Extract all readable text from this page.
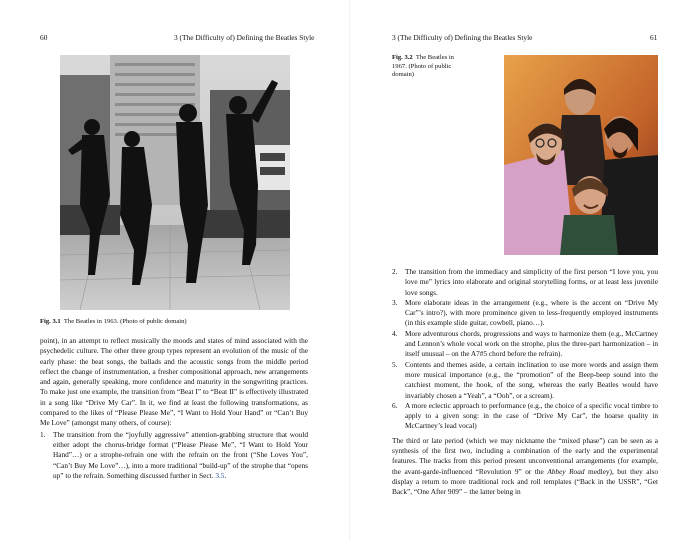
60	3 (The Difficulty of) Defining the Beatles Style
Fig. 3.1 The Beatles in 1963. (Photo of public domain)

point), in an attempt to reflect musically the moods and states of mind associated with the psychedelic culture. The other three group types represent an evolution of the music of the early phase: the beat songs, the ballads and the acoustic songs from the middle period reflect the change of instrumentation, a fresher compositional approach, new arrangements and again, generally speaking, more confidence and maturity in the songwriting practices. To make just one example, the transition from “Beat I” to “Beat II” is effectively illustrated in a song like “Drive My Car”. In it, we find at least the following transformations, as compared to the likes of “Please Please Me”, “I Want to Hold Your Hand” or “Can’t Buy Me Love” (amongst many others, of course):

1. The transition from the “joyfully aggressive” attention-grabbing structure that would either adopt the chorus-bridge format (“Please Please Me”, “I Want to Hold Your Hand”…) or a strophe-refrain one with the refrain on the front (“She Loves You”, “Can’t Buy Me Love”…), into a more traditional “build-up” of the strophe that “opens up” to the refrain. Something discussed further in Sect. 3.5.
3 (The Difficulty of) Defining the Beatles Style	61
Fig. 3.2 The Beatles in 1967. (Photo of public domain)
2. The transition from the immediacy and simplicity of the first person “I love you, you love me” lyrics into elaborate and original storytelling forms, or at least less juvenile love songs.
3. More elaborate ideas in the arrangement (e.g., where is the accent on “Drive My Car”’s intro?), with more prominence given to less-frequently employed instruments (in this example slide guitar, cowbell, piano…).
4. More adventurous chords, progressions and ways to harmonize them (e.g., McCartney and Lennon’s whole vocal work on the strophe, plus the three-part harmonization – in itself unusual – on the A7#5 chord before the refrain).
5. Contents and themes aside, a certain inclination to use more words and assign them more musical importance (e.g., the “promotion” of the Beep-beep sound into the catchiest moment, the hook, of the song, whereas the early Beatles would have invariably chosen a “Yeah”, a “Ooh”, or a scream).
6. A more eclectic approach to performance (e.g., the choice of a specific vocal timbre to apply to a given song: in the case of “Drive My Car”, the hoarse quality in McCartney’s lead vocal)

The third or late period (which we may nickname the “mixed phase”) can be seen as a synthesis of the first two, including a combination of the early and the experimental features. The tracks from this period present unconventional arrangements (for example, the avant-garde-influenced “Revolution 9” or the Abbey Road medley), but they also display a return to more traditional rock and roll templates (“Back in the USSR”, “Get Back”, “One After 909” – the latter being in
